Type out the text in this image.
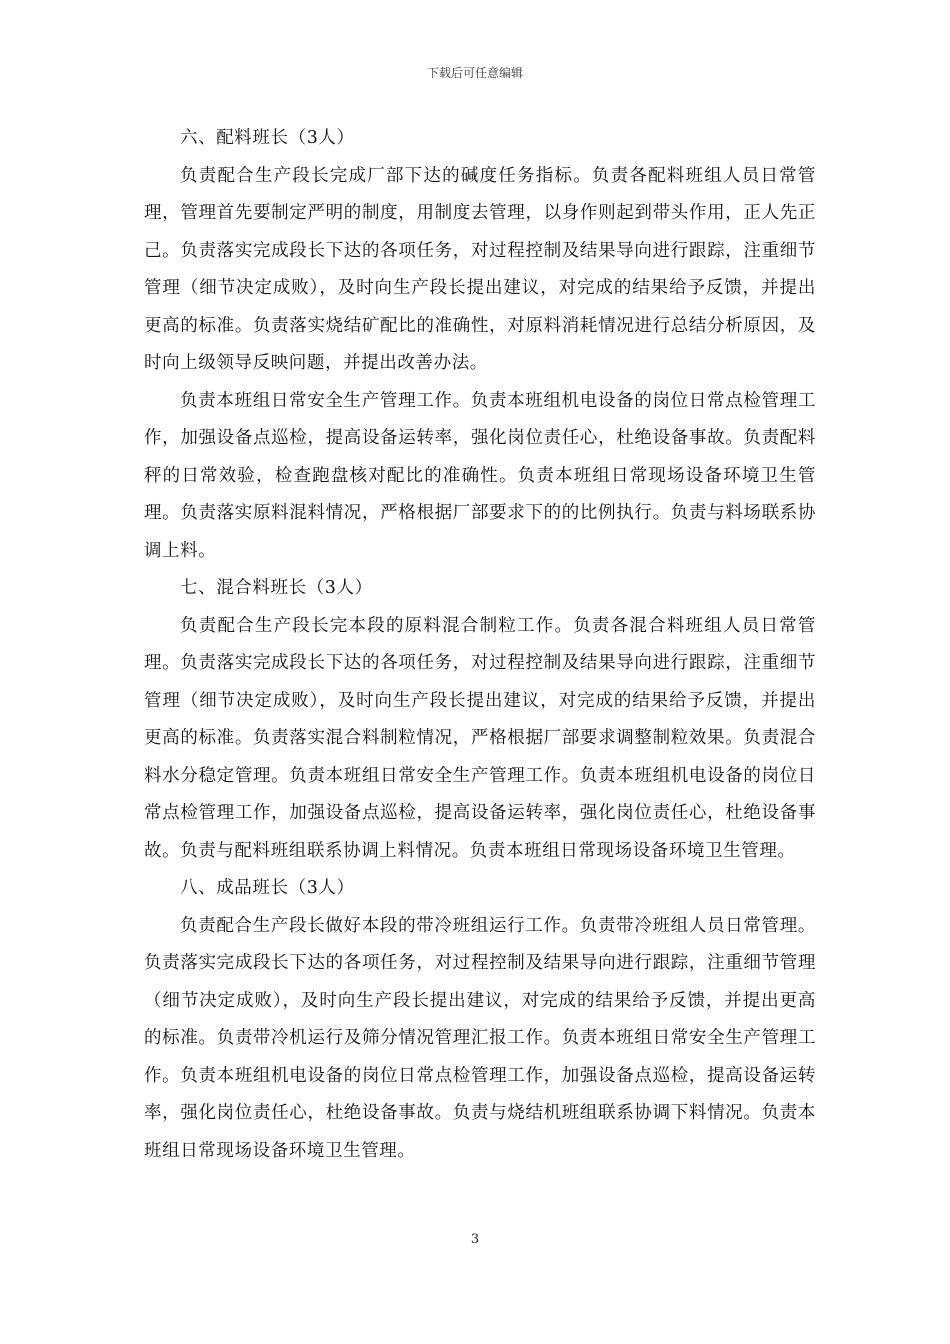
下载后可任意编辑

六、配料班长（3人）

负责配合生产段长完成厂部下达的碱度任务指标。负责各配料班组人员日常管理，管理首先要制定严明的制度，用制度去管理，以身作则起到带头作用，正人先正己。负责落实完成段长下达的各项任务，对过程控制及结果导向进行跟踪，注重细节管理（细节决定成败），及时向生产段长提出建议，对完成的结果给予反馈，并提出更高的标准。负责落实烧结矿配比的准确性，对原料消耗情况进行总结分析原因，及时向上级领导反映问题，并提出改善办法。

负责本班组日常安全生产管理工作。负责本班组机电设备的岗位日常点检管理工作，加强设备点巡检，提高设备运转率，强化岗位责任心，杜绝设备事故。负责配料秤的日常效验，检查跑盘核对配比的准确性。负责本班组日常现场设备环境卫生管理。负责落实原料混料情况，严格根据厂部要求下的的比例执行。负责与料场联系协调上料。

七、混合料班长（3人）

负责配合生产段长完本段的原料混合制粒工作。负责各混合料班组人员日常管理。负责落实完成段长下达的各项任务，对过程控制及结果导向进行跟踪，注重细节管理（细节决定成败），及时向生产段长提出建议，对完成的结果给予反馈，并提出更高的标准。负责落实混合料制粒情况，严格根据厂部要求调整制粒效果。负责混合料水分稳定管理。负责本班组日常安全生产管理工作。负责本班组机电设备的岗位日常点检管理工作，加强设备点巡检，提高设备运转率，强化岗位责任心，杜绝设备事故。负责与配料班组联系协调上料情况。负责本班组日常现场设备环境卫生管理。

八、成品班长（3人）

负责配合生产段长做好本段的带冷班组运行工作。负责带冷班组人员日常管理。负责落实完成段长下达的各项任务，对过程控制及结果导向进行跟踪，注重细节管理（细节决定成败），及时向生产段长提出建议，对完成的结果给予反馈，并提出更高的标准。负责带冷机运行及筛分情况管理汇报工作。负责本班组日常安全生产管理工作。负责本班组机电设备的岗位日常点检管理工作，加强设备点巡检，提高设备运转率，强化岗位责任心，杜绝设备事故。负责与烧结机班组联系协调下料情况。负责本班组日常现场设备环境卫生管理。

3
